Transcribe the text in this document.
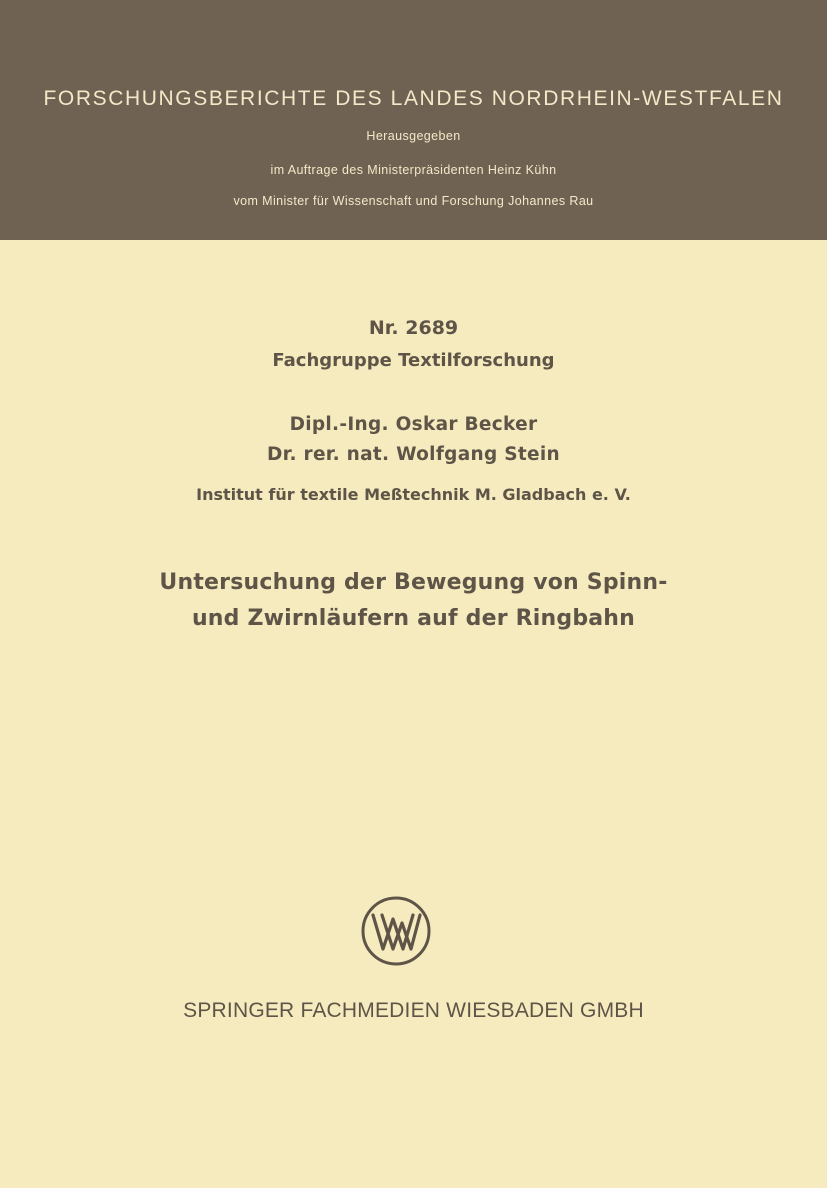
FORSCHUNGSBERICHTE DES LANDES NORDRHEIN-WESTFALEN
Herausgegeben
im Auftrage des Ministerpräsidenten Heinz Kühn
vom Minister für Wissenschaft und Forschung Johannes Rau
Nr. 2689
Fachgruppe Textilforschung
Dipl.-Ing. Oskar Becker
Dr. rer. nat. Wolfgang Stein
Institut für textile Meßtechnik M. Gladbach e. V.
Untersuchung der Bewegung von Spinn-
und Zwirnläufern auf der Ringbahn
SPRINGER FACHMEDIEN WIESBADEN GMBH
